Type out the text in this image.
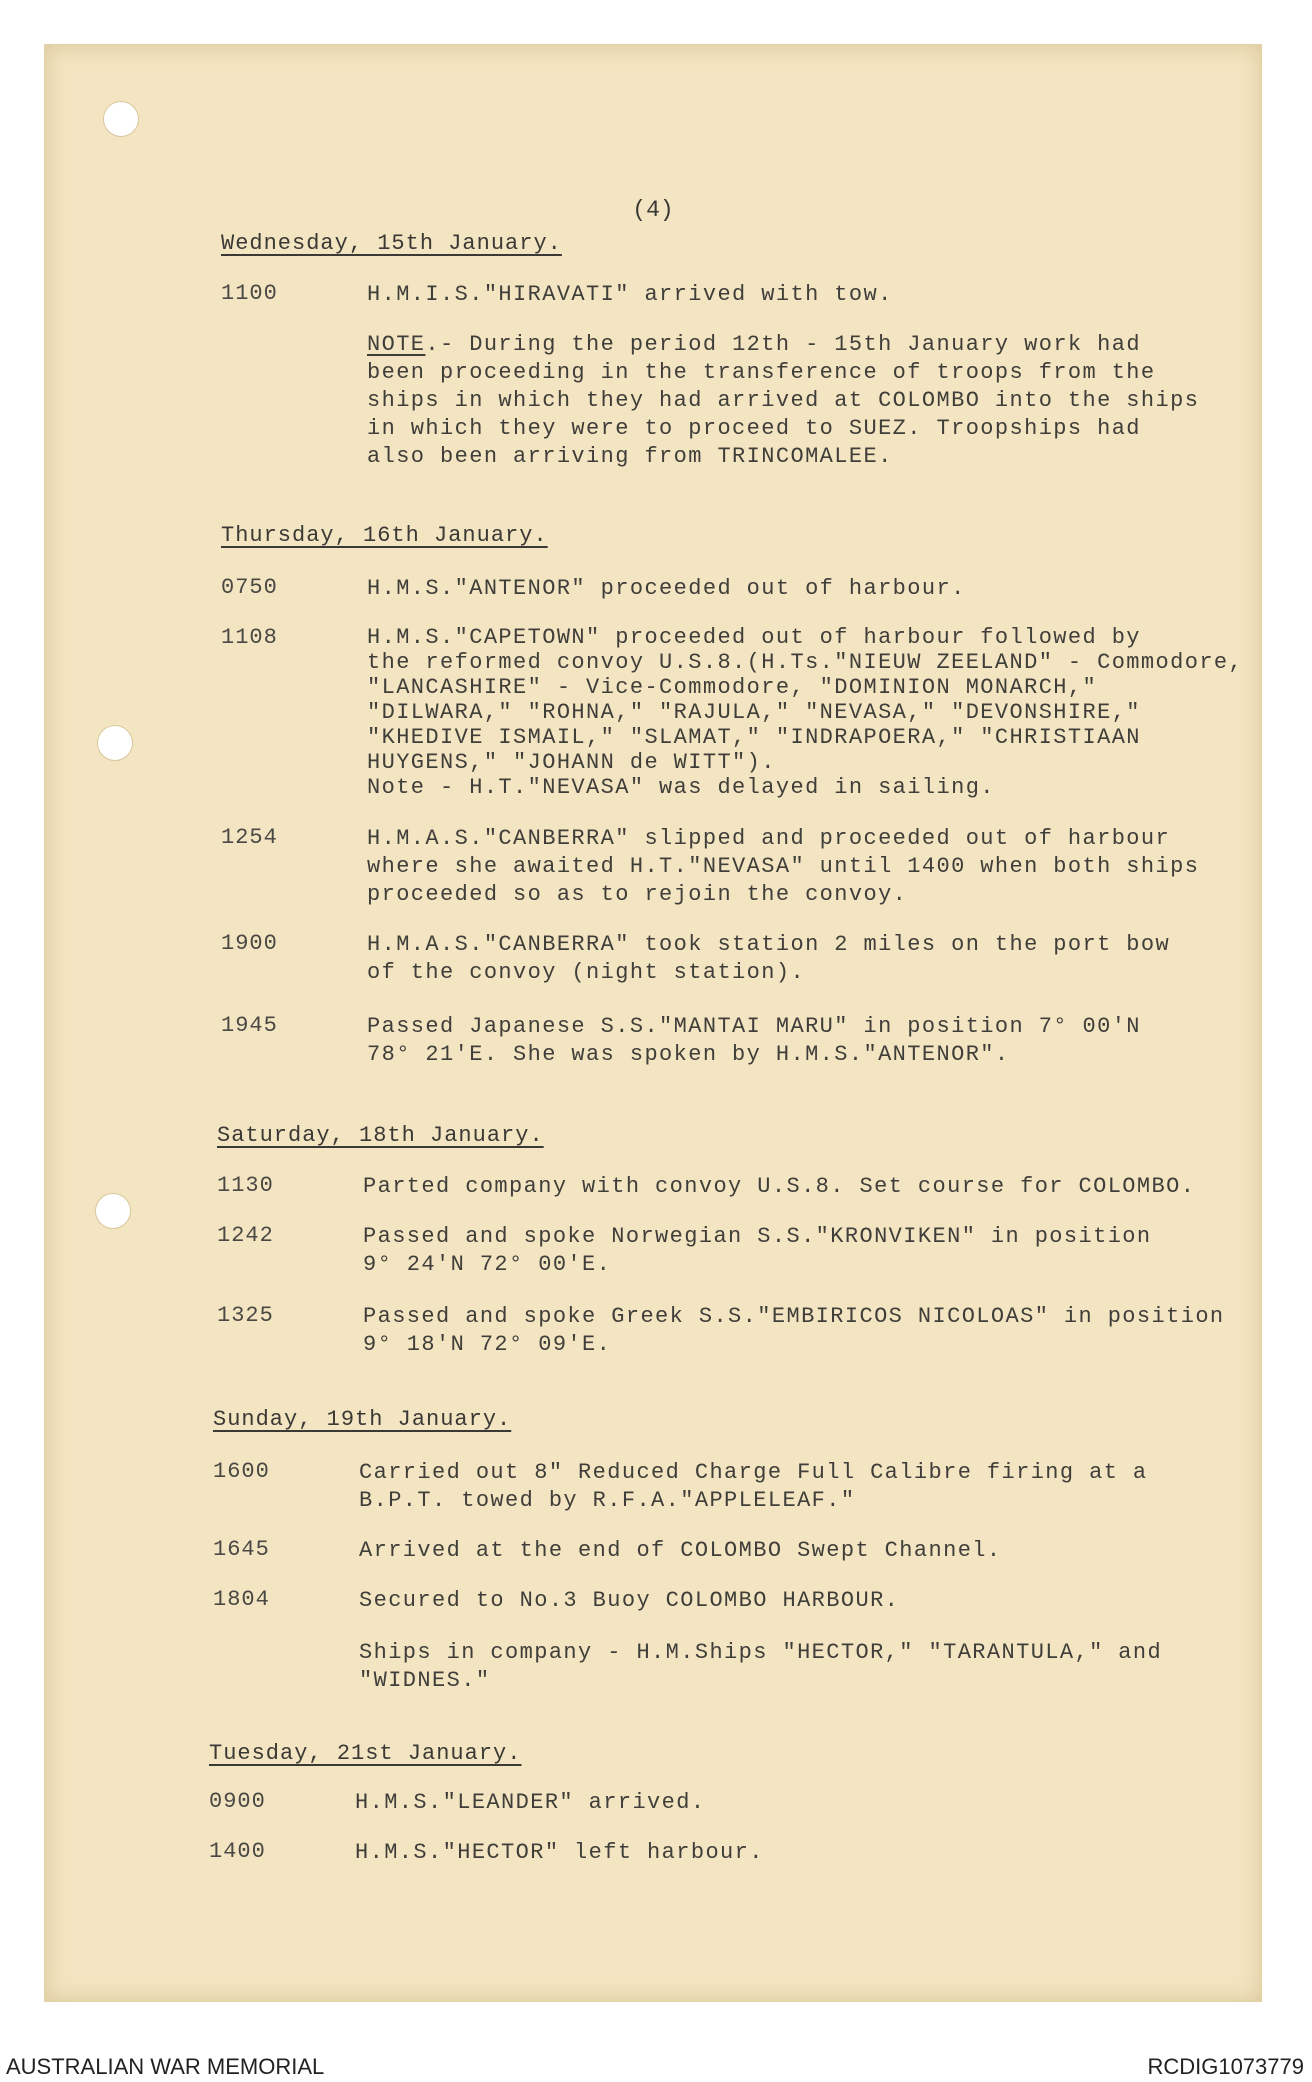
(4)
Wednesday, 15th January.
1100	H.M.I.S."HIRAVATI" arrived with tow.
NOTE.- During the period 12th - 15th January work had
been proceeding in the transference of troops from the
ships in which they had arrived at COLOMBO into the ships
in which they were to proceed to SUEZ. Troopships had
also been arriving from TRINCOMALEE.
Thursday, 16th January.
0750	H.M.S."ANTENOR" proceeded out of harbour.
1108	H.M.S."CAPETOWN" proceeded out of harbour followed by
the reformed convoy U.S.8.(H.Ts."NIEUW ZEELAND" - Commodore,
"LANCASHIRE" - Vice-Commodore, "DOMINION MONARCH,"
"DILWARA," "ROHNA," "RAJULA," "NEVASA," "DEVONSHIRE,"
"KHEDIVE ISMAIL," "SLAMAT," "INDRAPOERA," "CHRISTIAAN
HUYGENS," "JOHANN de WITT").
Note - H.T."NEVASA" was delayed in sailing.
1254	H.M.A.S."CANBERRA" slipped and proceeded out of harbour
where she awaited H.T."NEVASA" until 1400 when both ships
proceeded so as to rejoin the convoy.
1900	H.M.A.S."CANBERRA" took station 2 miles on the port bow
of the convoy (night station).
1945	Passed Japanese S.S."MANTAI MARU" in position 7° 00'N
78° 21'E. She was spoken by H.M.S."ANTENOR".
Saturday, 18th January.
1130	Parted company with convoy U.S.8. Set course for COLOMBO.
1242	Passed and spoke Norwegian S.S."KRONVIKEN" in position
9° 24'N 72° 00'E.
1325	Passed and spoke Greek S.S."EMBIRICOS NICOLOAS" in position
9° 18'N 72° 09'E.
Sunday, 19th January.
1600	Carried out 8" Reduced Charge Full Calibre firing at a
B.P.T. towed by R.F.A."APPLELEAF."
1645	Arrived at the end of COLOMBO Swept Channel.
1804	Secured to No.3 Buoy COLOMBO HARBOUR.
Ships in company - H.M.Ships "HECTOR," "TARANTULA," and
"WIDNES."
Tuesday, 21st January.
0900	H.M.S."LEANDER" arrived.
1400	H.M.S."HECTOR" left harbour.
AUSTRALIAN WAR MEMORIAL	RCDIG1073779
